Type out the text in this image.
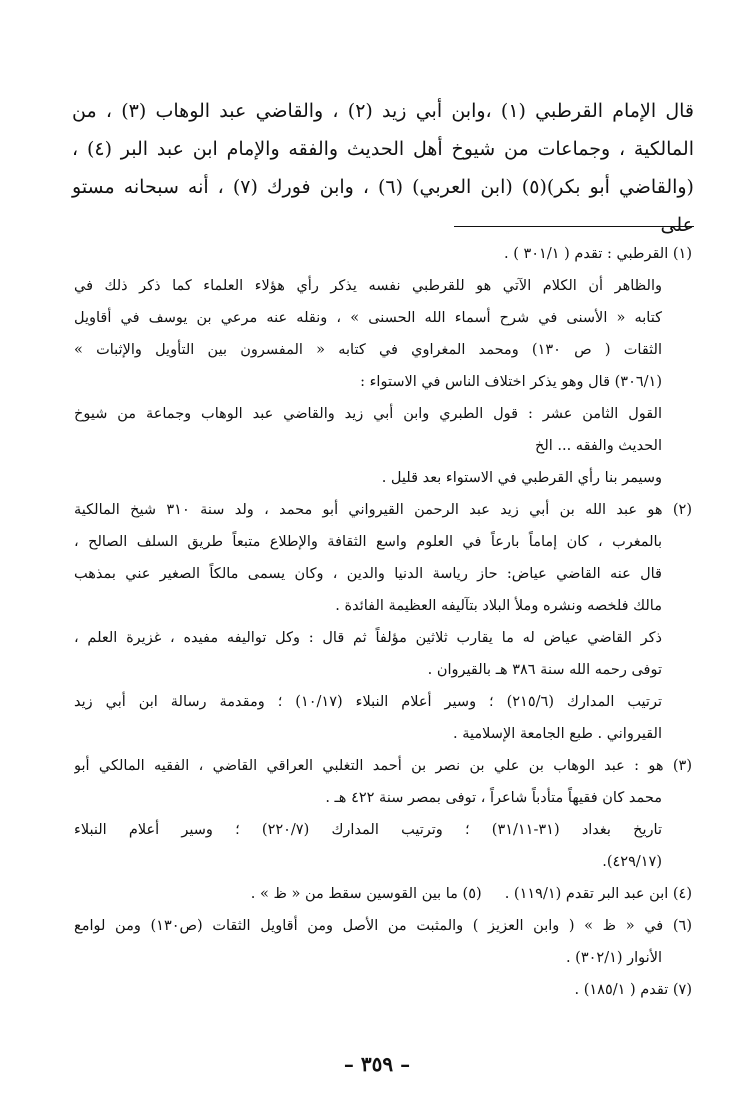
قال الإمام القرطبي (١) ،وابن أبي زيد (٢) ، والقاضي عبد الوهاب (٣) ، من

المالكية ، وجماعات من شيوخ أهل الحديث والفقه والإمام ابن عبد البر (٤) ،

(والقاضي أبو بكر)(٥) (ابن العربي) (٦) ، وابن فورك (٧) ، أنه سبحانه مستو على

(١) القرطبي : تقدم ( ٣٠١/١ ) .
والظاهر أن الكلام الآتي هو للقرطبي نفسه يذكر رأي هؤلاء العلماء كما ذكر ذلك في
كتابه « الأسنى في شرح أسماء الله الحسنى » ، ونقله عنه مرعي بن يوسف في أقاويل
الثقات ( ص ١٣٠) ومحمد المغراوي في كتابه « المفسرون بين التأويل والإثبات »
(٣٠٦/١) قال وهو يذكر اختلاف الناس في الاستواء :
القول الثامن عشر : قول الطبري وابن أبي زيد والقاضي عبد الوهاب وجماعة من شيوخ
الحديث والفقه ... الخ
وسيمر بنا رأي القرطبي في الاستواء بعد قليل .
(٢) هو عبد الله بن أبي زيد عبد الرحمن القيرواني أبو محمد ، ولد سنة ٣١٠ شيخ المالكية
بالمغرب ، كان إماماً بارعاً في العلوم واسع الثقافة والإطلاع متبعاً طريق السلف الصالح ،
قال عنه القاضي عياض: حاز رياسة الدنيا والدين ، وكان يسمى مالكاً الصغير عني بمذهب
مالك فلخصه ونشره وملأ البلاد بتآليفه العظيمة الفائدة .
ذكر القاضي عياض له ما يقارب ثلاثين مؤلفاً ثم قال : وكل تواليفه مفيده ، غزيرة العلم ،
توفى رحمه الله سنة ٣٨٦ هـ بالقيروان .
ترتيب المدارك (٢١٥/٦) ؛ وسير أعلام النبلاء (١٠/١٧) ؛ ومقدمة رسالة ابن أبي زيد
القيرواني . طبع الجامعة الإسلامية .
(٣) هو : عبد الوهاب بن علي بن نصر بن أحمد التغلبي العراقي القاضي ، الفقيه المالكي أبو
محمد كان فقيهاً متأدباً شاعراً ، توفى بمصر سنة ٤٢٢ هـ .
تاريخ بغداد (٣١-٣١/١١) ؛ وترتيب المدارك (٢٢٠/٧) ؛ وسير أعلام النبلاء
(٤٢٩/١٧).
(٤) ابن عبد البر تقدم (١١٩/١) .     (٥) ما بين القوسين سقط من « ظ » .
(٦) في « ظ » ( وابن العزيز ) والمثبت من الأصل ومن أقاويل الثقات (ص١٣٠) ومن لوامع
الأنوار (٣٠٢/١) .
(٧) تقدم ( ١٨٥/١) .
– ٣٥٩ –
